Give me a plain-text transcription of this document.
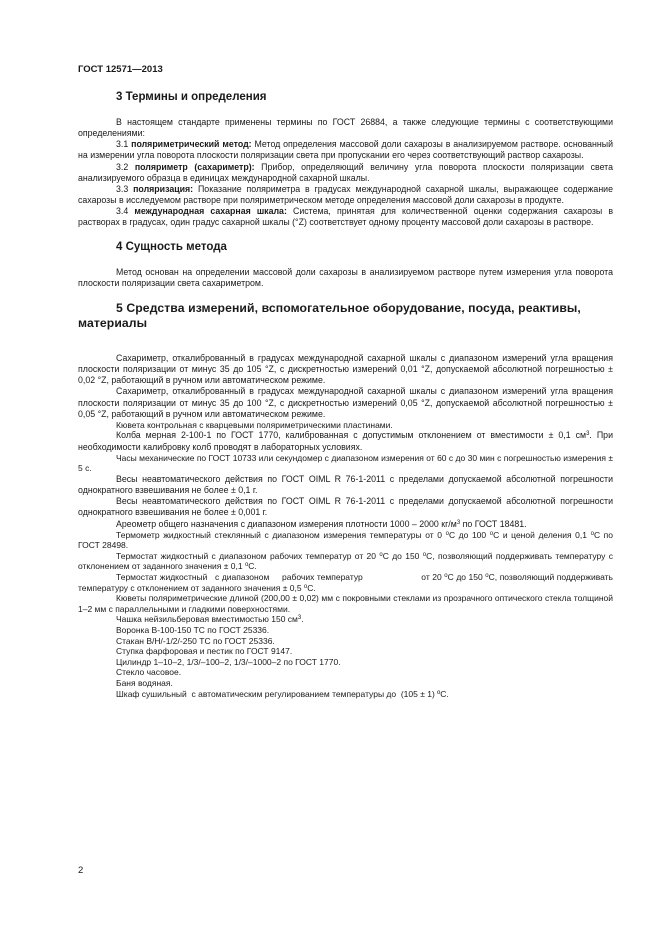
ГОСТ 12571—2013
3 Термины и определения

В настоящем стандарте применены термины по ГОСТ 26884, а также следующие термины с соответствующими определениями:

3.1 поляриметрический метод: Метод определения массовой доли сахарозы в анализируемом растворе. основанный на измерении угла поворота плоскости поляризации света при пропускании его через соответствующий раствор сахарозы.

3.2 поляриметр (сахариметр): Прибор, определяющий величину угла поворота плоскости поляризации света анализируемого образца в единицах международной сахарной шкалы.

3.3 поляризация: Показание поляриметра в градусах международной сахарной шкалы, выражающее содержание сахарозы в исследуемом растворе при поляриметрическом методе определения массовой доли сахарозы в продукте.

3.4 международная сахарная шкала: Система, принятая для количественной оценки содержания сахарозы в растворах в градусах, один градус сахарной шкалы (°Z) соответствует одному проценту массовой доли сахарозы в растворе.

4 Сущность метода

Метод основан на определении массовой доли сахарозы в анализируемом растворе путем измерения угла поворота плоскости поляризации света сахариметром.

5 Средства измерений, вспомогательное оборудование, посуда, реактивы, материалы

Сахариметр, откалиброванный в градусах международной сахарной шкалы с диапазоном измерений угла вращения плоскости поляризации от минус 35 до 105 °Z, с дискретностью измерений 0,01 °Z, допускаемой абсолютной погрешностью ± 0,02 °Z, работающий в ручном или автоматическом режиме.

Сахариметр, откалиброванный в градусах международной сахарной шкалы с диапазоном измерений угла вращения плоскости поляризации от минус 35 до 100 °Z, с дискретностью измерений 0,05 °Z, допускаемой абсолютной погрешностью ± 0,05 °Z, работающий в ручном или автоматическом режиме.

Кювета контрольная с кварцевыми поляриметрическими пластинами.

Колба мерная 2-100-1 по ГОСТ 1770, калиброванная с допустимым отклонением от вместимости ± 0,1 $см^3$. При необходимости калибровку колб проводят в лабораторных условиях.

Часы механические по ГОСТ 10733 или секундомер с диапазоном измерения от 60 с до 30 мин с погрешностью измерения ± 5 с.

Весы неавтоматического действия по ГОСТ OIML R 76-1-2011 с пределами допускаемой абсолютной погрешности однократного взвешивания не более ± 0,1 г.

Весы неавтоматического действия по ГОСТ OIML R 76-1-2011 с пределами допускаемой абсолютной погрешности однократного взвешивания не более ± 0,001 г.

Ареометр общего назначения с диапазоном измерения плотности 1000 – 2000 $кг/м^3$ по ГОСТ 18481.

Термометр жидкостный стеклянный с диапазоном измерения температуры от 0 $^о$С до 100 $^о$С и ценой деления 0,1 $^о$С по ГОСТ 28498.

Термостат жидкостный с диапазоном рабочих температур от 20 $^о$С до 150 $^о$С, позволяющий поддерживать температуру с отклонением от заданного значения ± 0,1 $^о$С.

Термостат жидкостный   с диапазоном     рабочих температур                       от 20 $^о$С до 150 $^о$С, позволяющий поддерживать температуру с отклонением от заданного значения ± 0,5 $^о$С.

Кюветы поляриметрические длиной (200,00 ± 0,02) мм с покровными стеклами из прозрачного оптического стекла толщиной 1–2 мм с параллельными и гладкими поверхностями.

Чашка нейзильберовая вместимостью 150 $см^3$.

Воронка В-100-150 ТС по ГОСТ 25336.

Стакан В/Н/-1/2/-250 ТС по ГОСТ 25336.

Ступка фарфоровая и пестик по ГОСТ 9147.

Цилиндр 1–10–2, 1/3/–100–2, 1/3/–1000–2 по ГОСТ 1770.

Стекло часовое.

Баня водяная.

Шкаф сушильный  с автоматическим регулированием температуры до  (105 ± 1) ºС.

2
